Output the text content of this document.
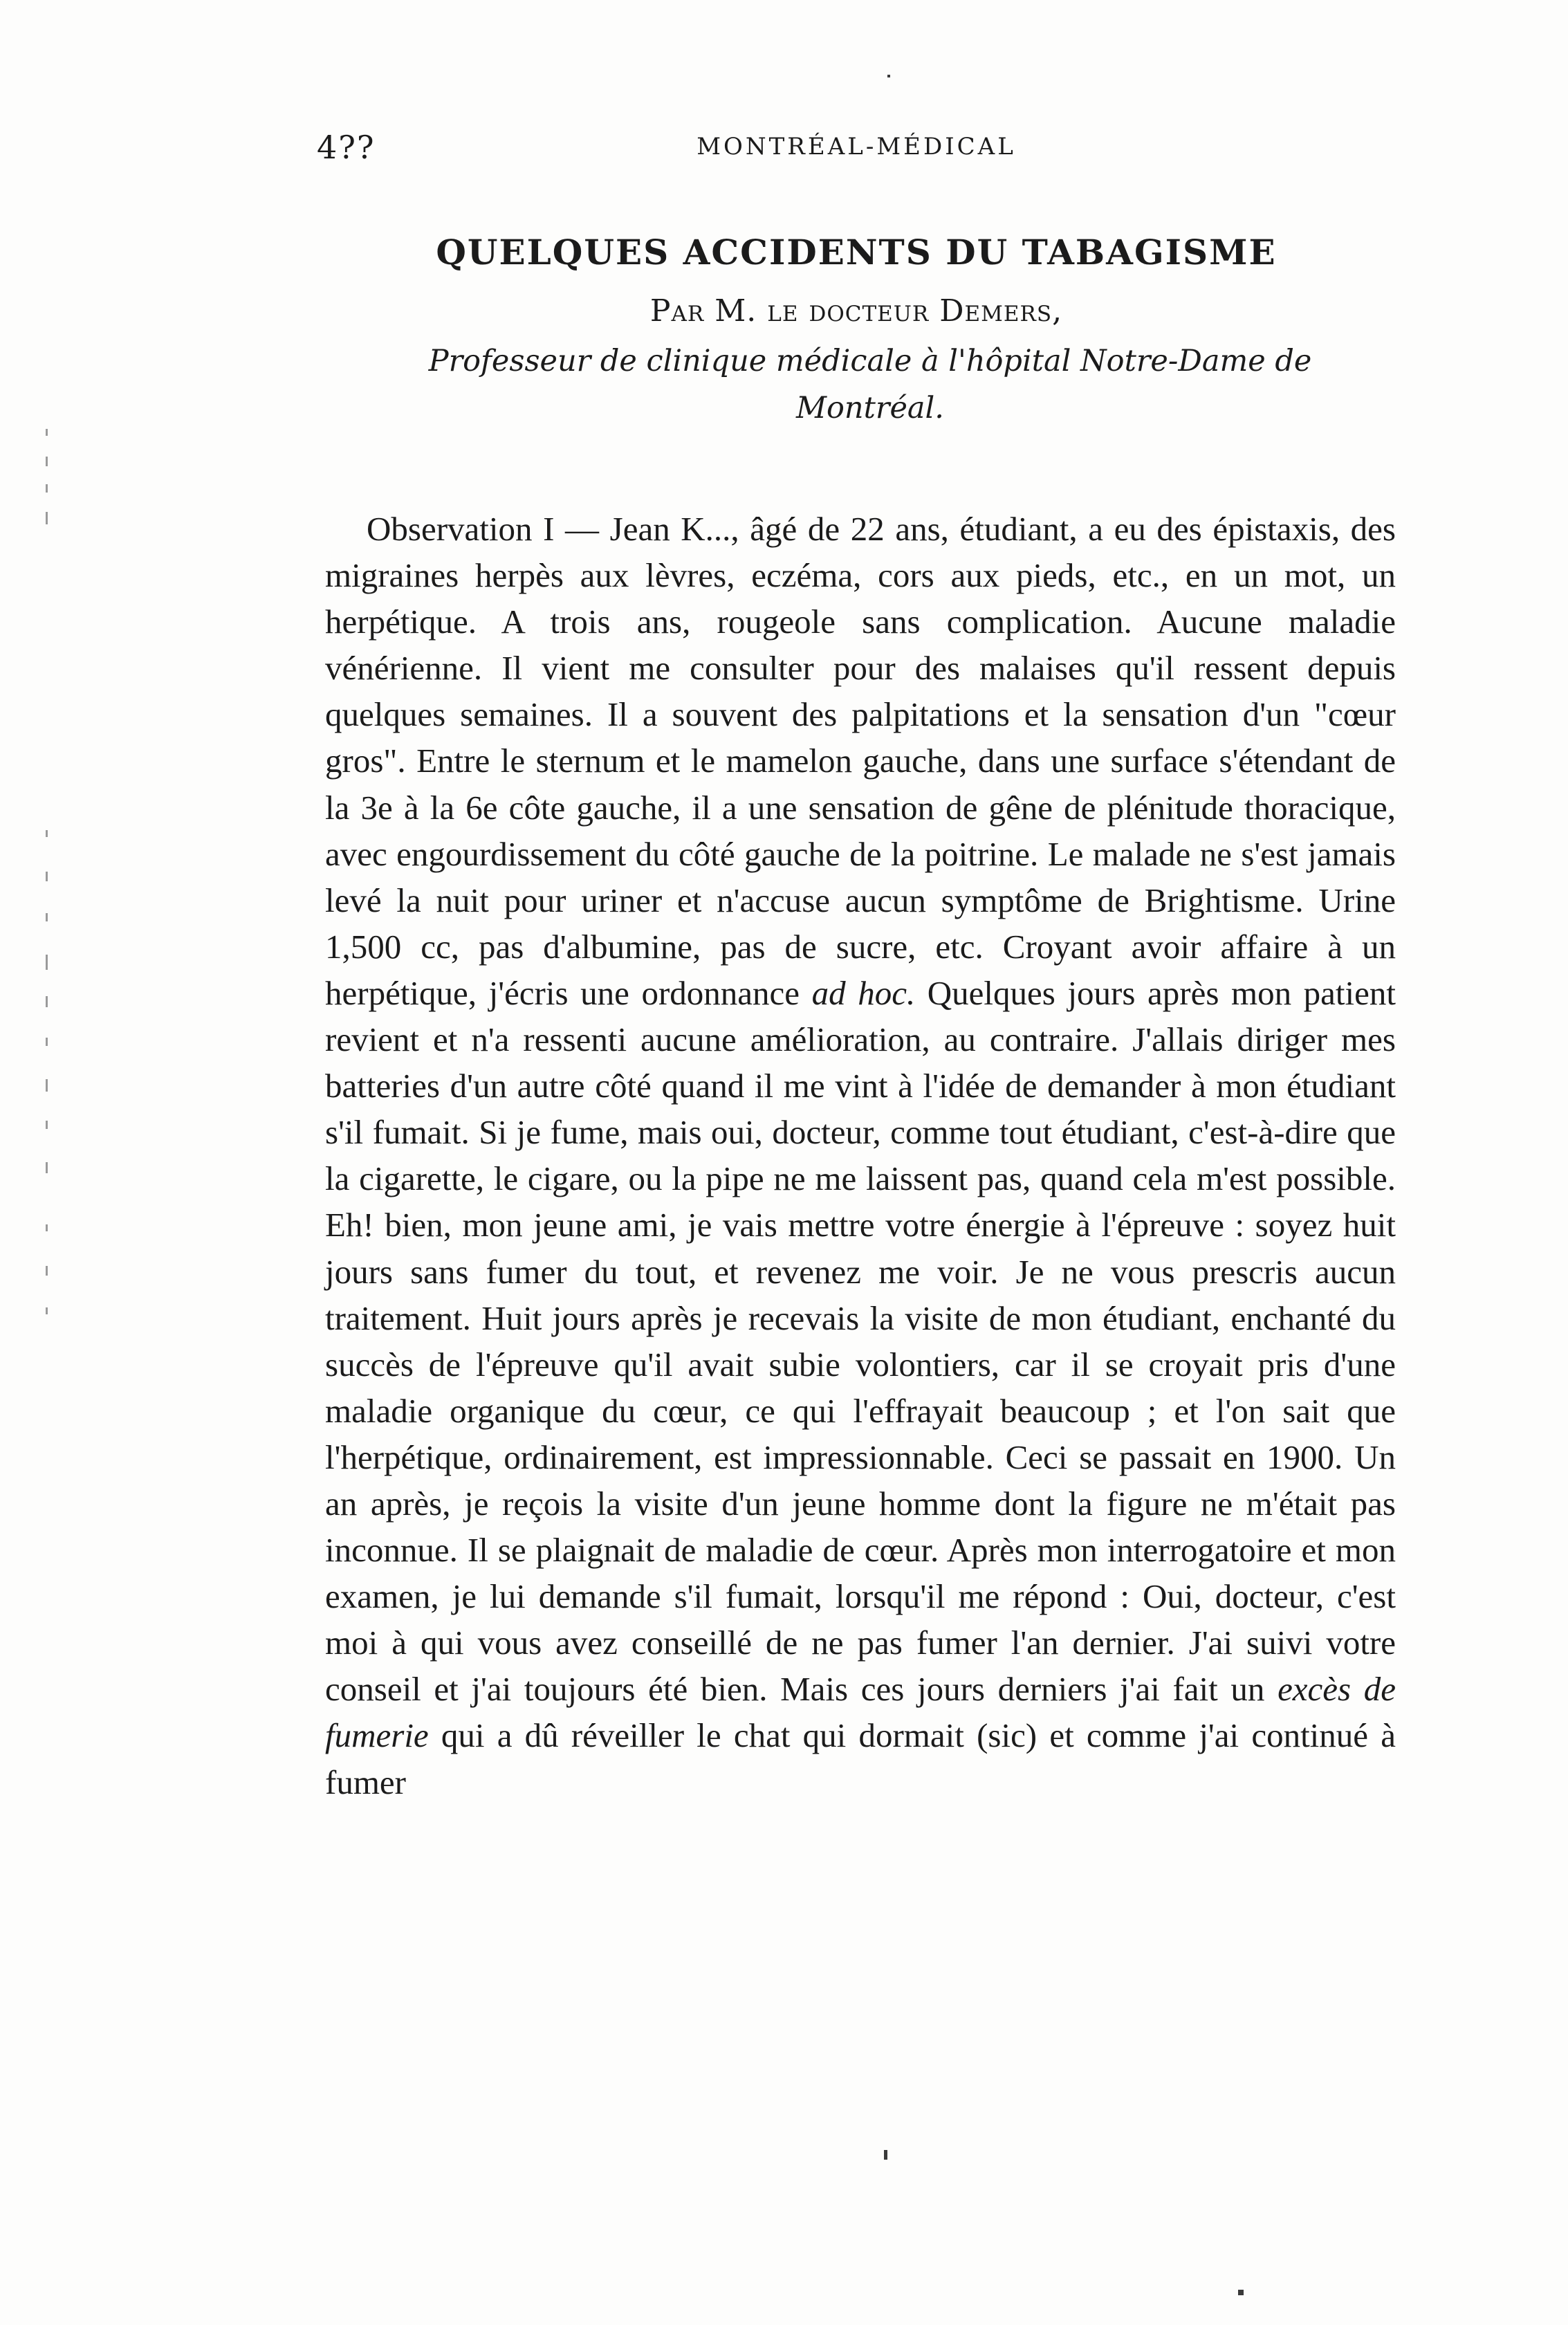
4??	MONTRÉAL-MÉDICAL
QUELQUES ACCIDENTS DU TABAGISME
Par M. le docteur Demers,
Professeur de clinique médicale à l'hôpital Notre-Dame de Montréal.

Observation I — Jean K..., âgé de 22 ans, étudiant, a eu des épistaxis, des migraines herpès aux lèvres, eczéma, cors aux pieds, etc., en un mot, un herpétique. A trois ans, rougeole sans complication. Aucune maladie vénérienne. Il vient me consulter pour des malaises qu'il ressent depuis quelques semaines. Il a souvent des palpitations et la sensation d'un "cœur gros". Entre le sternum et le mamelon gauche, dans une surface s'étendant de la 3e à la 6e côte gauche, il a une sensation de gêne de plénitude thoracique, avec engourdissement du côté gauche de la poitrine. Le malade ne s'est jamais levé la nuit pour uriner et n'accuse aucun symptôme de Brightisme. Urine 1,500 cc, pas d'albumine, pas de sucre, etc. Croyant avoir affaire à un herpétique, j'écris une ordonnance ad hoc. Quelques jours après mon patient revient et n'a ressenti aucune amélioration, au contraire. J'allais diriger mes batteries d'un autre côté quand il me vint à l'idée de demander à mon étudiant s'il fumait. Si je fume, mais oui, docteur, comme tout étudiant, c'est-à-dire que la cigarette, le cigare, ou la pipe ne me laissent pas, quand cela m'est possible. Eh! bien, mon jeune ami, je vais mettre votre énergie à l'épreuve : soyez huit jours sans fumer du tout, et revenez me voir. Je ne vous prescris aucun traitement. Huit jours après je recevais la visite de mon étudiant, enchanté du succès de l'épreuve qu'il avait subie volontiers, car il se croyait pris d'une maladie organique du cœur, ce qui l'effrayait beaucoup ; et l'on sait que l'herpétique, ordinairement, est impressionnable. Ceci se passait en 1900. Un an après, je reçois la visite d'un jeune homme dont la figure ne m'était pas inconnue. Il se plaignait de maladie de cœur. Après mon interrogatoire et mon examen, je lui demande s'il fumait, lorsqu'il me répond : Oui, docteur, c'est moi à qui vous avez conseillé de ne pas fumer l'an dernier. J'ai suivi votre conseil et j'ai toujours été bien. Mais ces jours derniers j'ai fait un excès de fumerie qui a dû réveiller le chat qui dormait (sic) et comme j'ai continué à fumer
